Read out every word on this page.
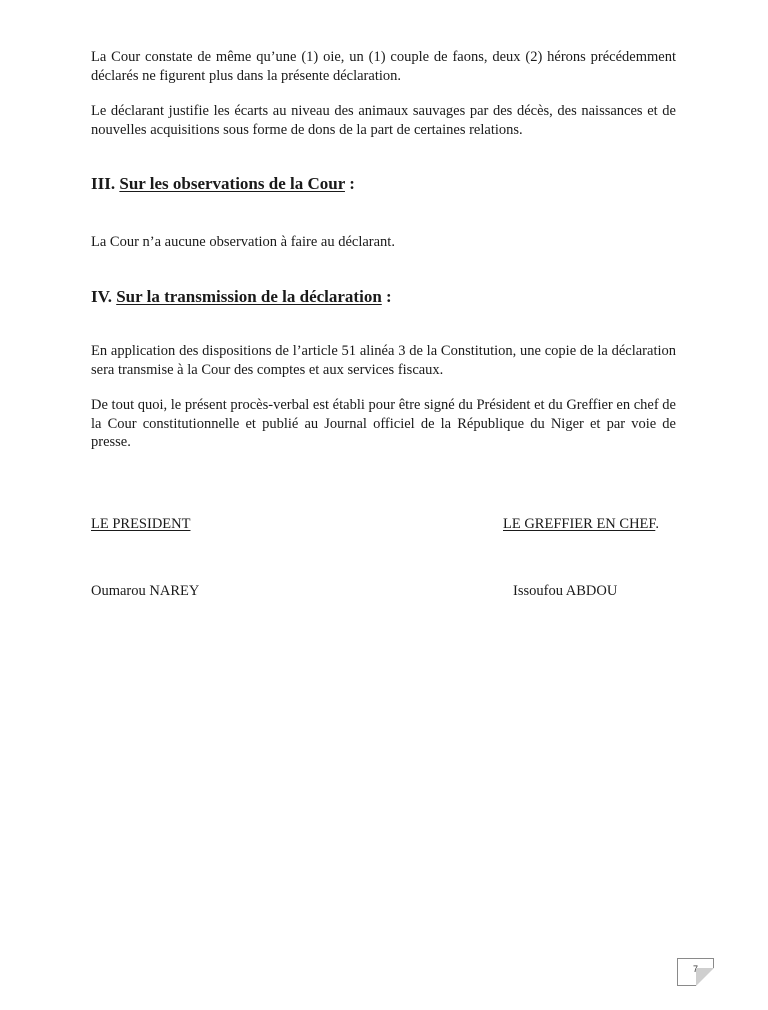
La Cour constate de même qu’une (1) oie, un (1) couple de faons, deux (2) hérons précédemment déclarés ne figurent plus dans la présente déclaration.

Le déclarant justifie les écarts au niveau des animaux sauvages par des décès, des naissances et de nouvelles acquisitions sous forme de dons de la part de certaines relations.

III. Sur les observations de la Cour :

La Cour n’a aucune observation à faire au déclarant.

IV. Sur la transmission de la déclaration :

En application des dispositions de l’article 51 alinéa 3 de la Constitution, une copie de la déclaration sera transmise à la Cour des comptes et aux services fiscaux.

De tout quoi, le présent procès-verbal est établi pour être signé du Président et du Greffier en chef de la Cour constitutionnelle et publié au Journal officiel de la République du Niger et par voie de presse.

LE PRESIDENT	LE GREFFIER EN CHEF.

Oumarou NAREY	Issoufou ABDOU

7
